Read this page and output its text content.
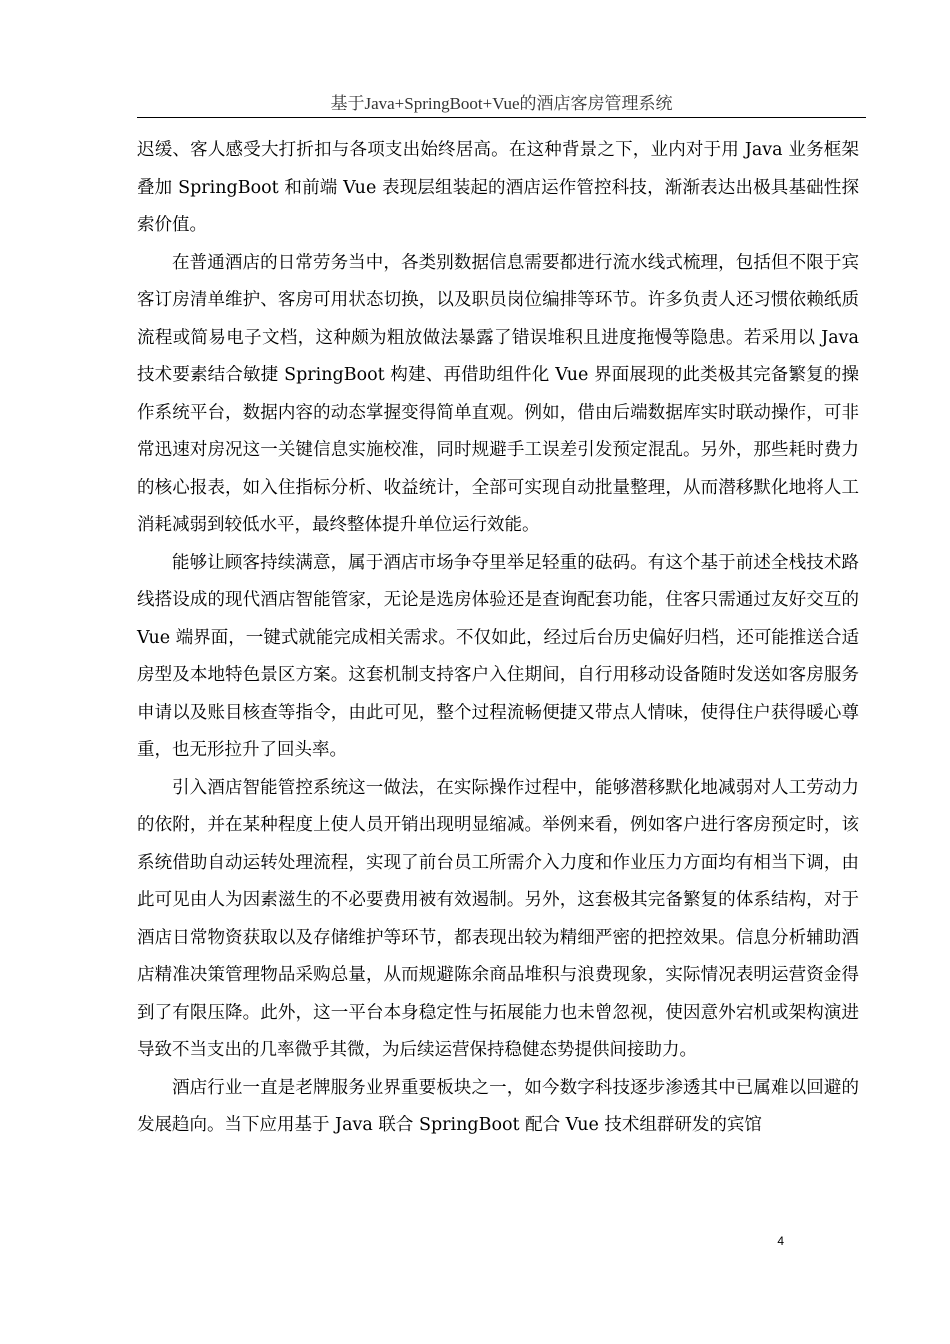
基于Java+SpringBoot+Vue的酒店客房管理系统

迟缓、客人感受大打折扣与各项支出始终居高。在这种背景之下，业内对于用 Java 业务框架叠加 SpringBoot 和前端 Vue 表现层组装起的酒店运作管控科技，渐渐表达出极具基础性探索价值。

在普通酒店的日常劳务当中，各类别数据信息需要都进行流水线式梳理，包括但不限于宾客订房清单维护、客房可用状态切换，以及职员岗位编排等环节。许多负责人还习惯依赖纸质流程或简易电子文档，这种颇为粗放做法暴露了错误堆积且进度拖慢等隐患。若采用以 Java 技术要素结合敏捷 SpringBoot 构建、再借助组件化 Vue 界面展现的此类极其完备繁复的操作系统平台，数据内容的动态掌握变得简单直观。例如，借由后端数据库实时联动操作，可非常迅速对房况这一关键信息实施校准，同时规避手工误差引发预定混乱。另外，那些耗时费力的核心报表，如入住指标分析、收益统计，全部可实现自动批量整理，从而潜移默化地将人工消耗减弱到较低水平，最终整体提升单位运行效能。

能够让顾客持续满意，属于酒店市场争夺里举足轻重的砝码。有这个基于前述全栈技术路线搭设成的现代酒店智能管家，无论是选房体验还是查询配套功能，住客只需通过友好交互的 Vue 端界面，一键式就能完成相关需求。不仅如此，经过后台历史偏好归档，还可能推送合适房型及本地特色景区方案。这套机制支持客户入住期间，自行用移动设备随时发送如客房服务申请以及账目核查等指令，由此可见，整个过程流畅便捷又带点人情味，使得住户获得暖心尊重，也无形拉升了回头率。

引入酒店智能管控系统这一做法，在实际操作过程中，能够潜移默化地减弱对人工劳动力的依附，并在某种程度上使人员开销出现明显缩减。举例来看，例如客户进行客房预定时，该系统借助自动运转处理流程，实现了前台员工所需介入力度和作业压力方面均有相当下调，由此可见由人为因素滋生的不必要费用被有效遏制。另外，这套极其完备繁复的体系结构，对于酒店日常物资获取以及存储维护等环节，都表现出较为精细严密的把控效果。信息分析辅助酒店精准决策管理物品采购总量，从而规避陈余商品堆积与浪费现象，实际情况表明运营资金得到了有限压降。此外，这一平台本身稳定性与拓展能力也未曾忽视，使因意外宕机或架构演进导致不当支出的几率微乎其微，为后续运营保持稳健态势提供间接助力。

酒店行业一直是老牌服务业界重要板块之一，如今数字科技逐步渗透其中已属难以回避的发展趋向。当下应用基于 Java 联合 SpringBoot 配合 Vue 技术组群研发的宾馆

4
